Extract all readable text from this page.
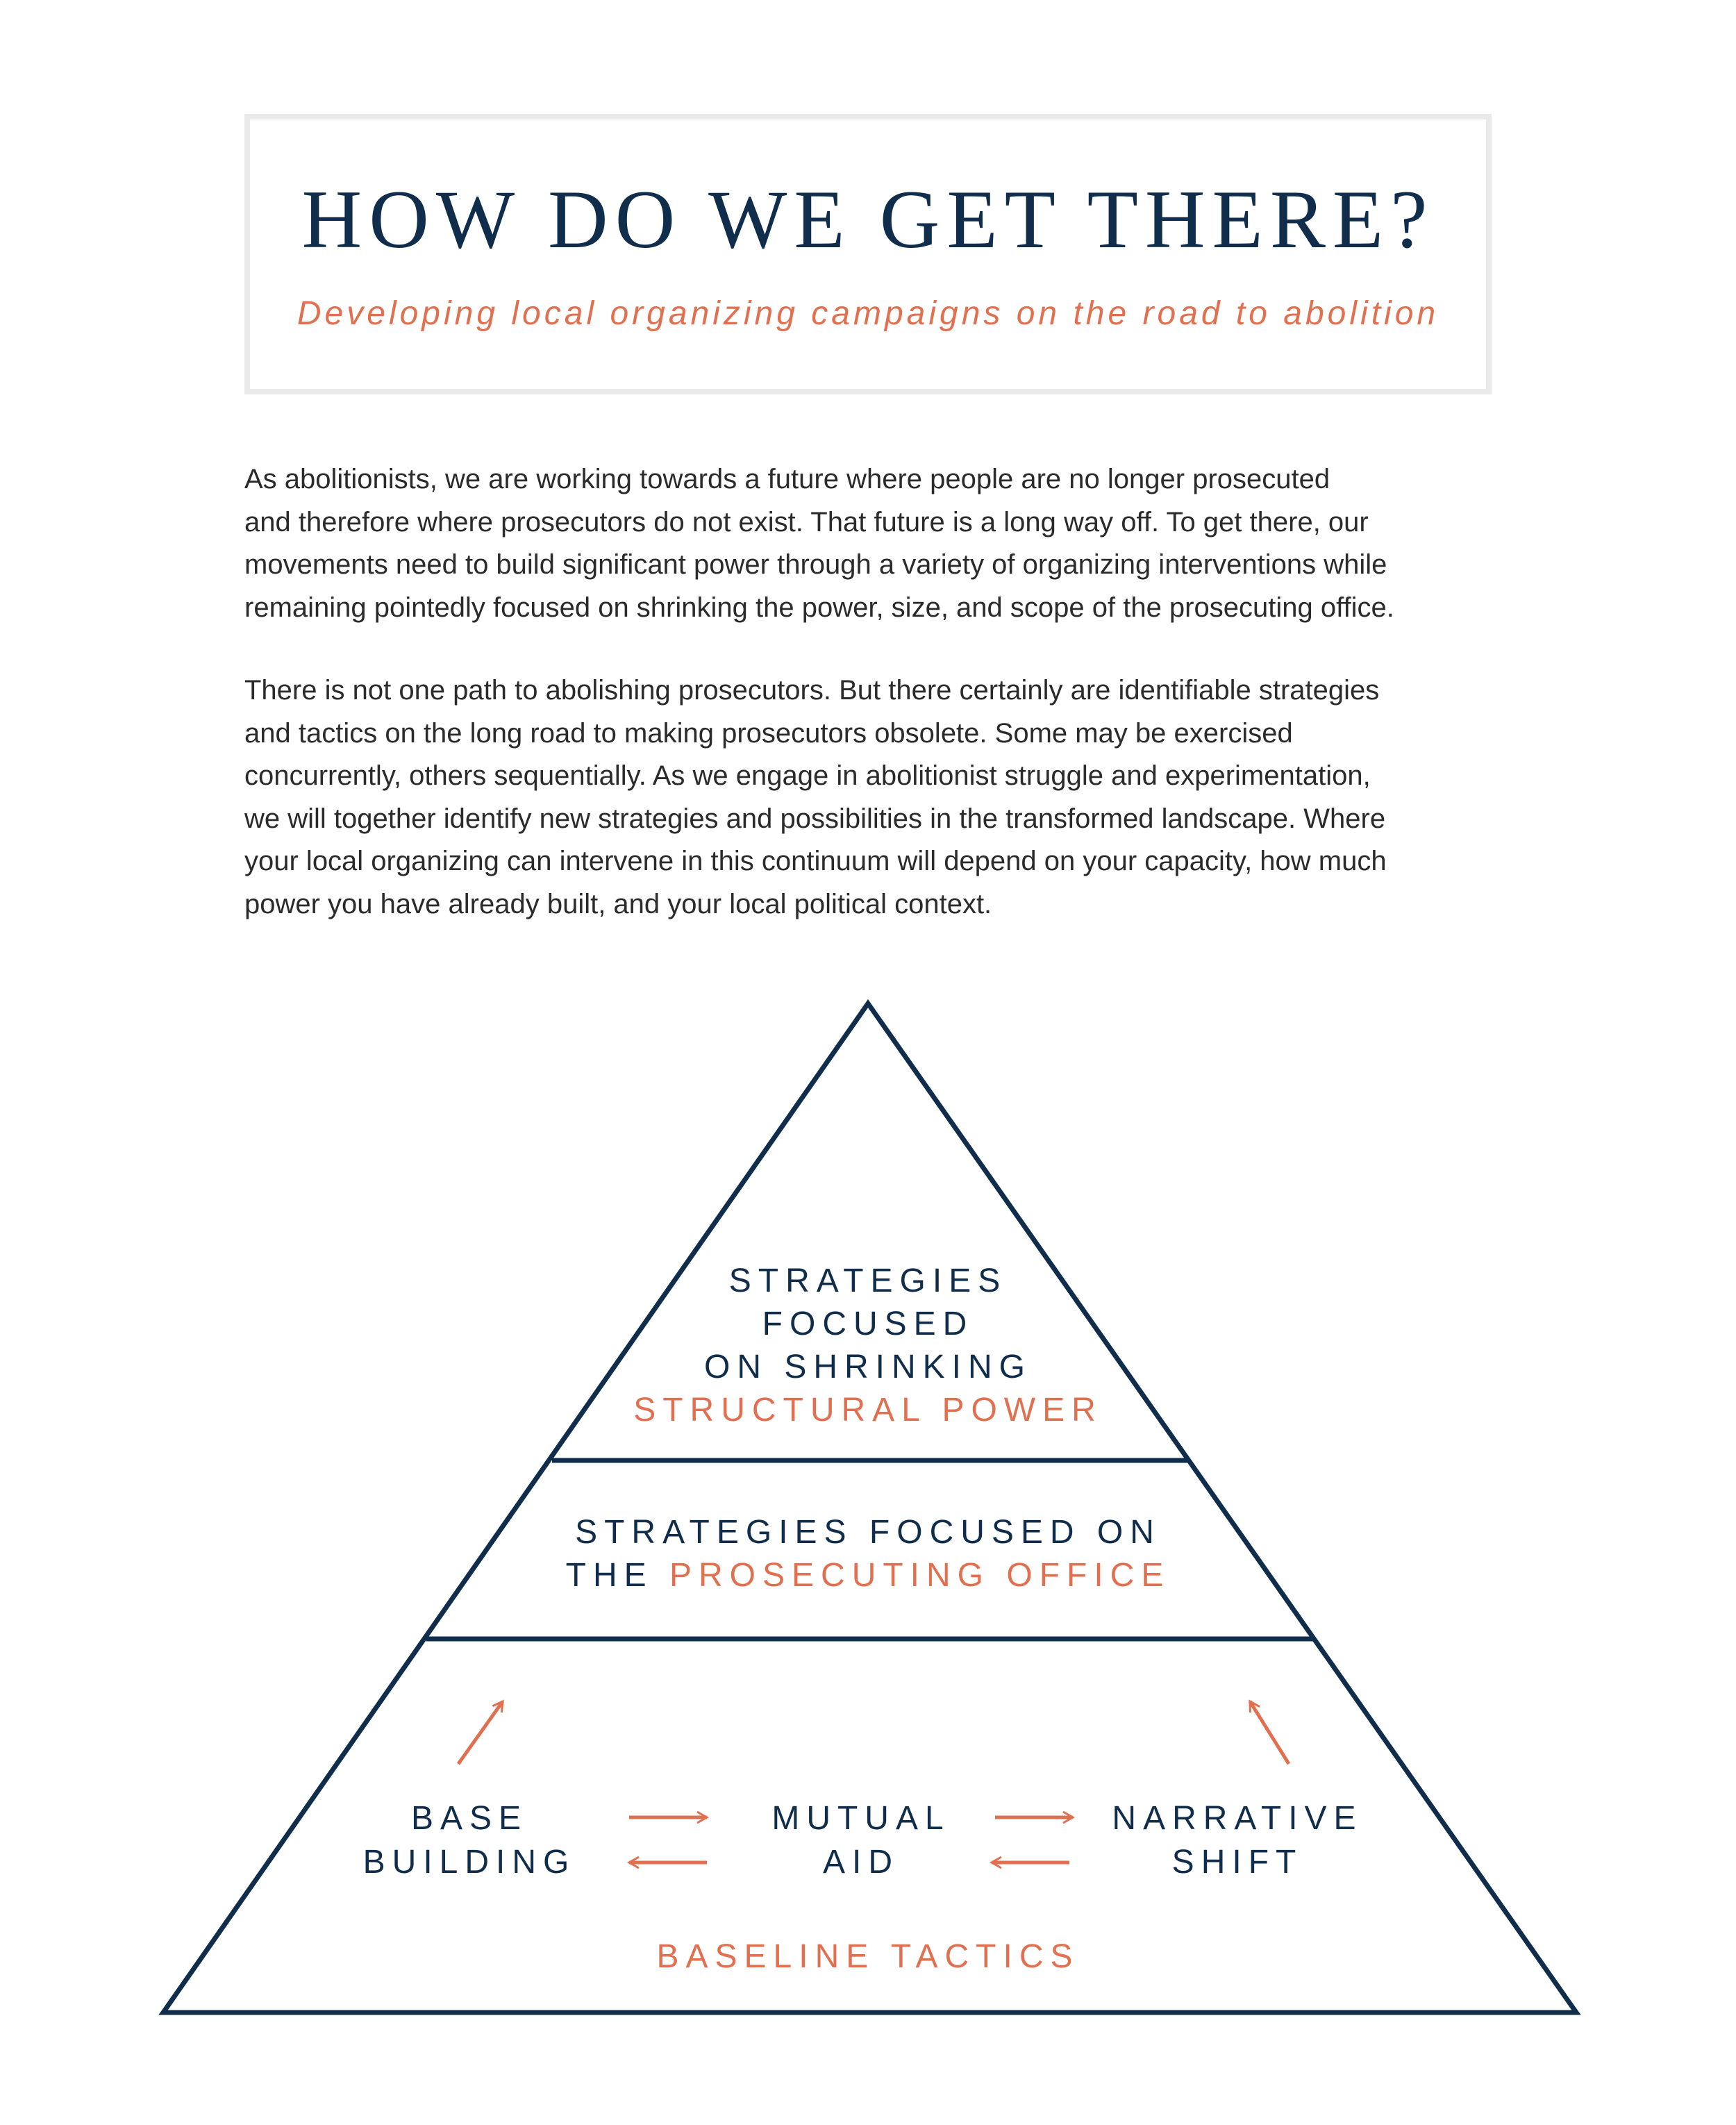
HOW DO WE GET THERE?
Developing local organizing campaigns on the road to abolition

As abolitionists, we are working towards a future where people are no longer prosecuted
and therefore where prosecutors do not exist. That future is a long way off. To get there, our
movements need to build significant power through a variety of organizing interventions while
remaining pointedly focused on shrinking the power, size, and scope of the prosecuting office.

There is not one path to abolishing prosecutors. But there certainly are identifiable strategies
and tactics on the long road to making prosecutors obsolete. Some may be exercised
concurrently, others sequentially. As we engage in abolitionist struggle and experimentation,
we will together identify new strategies and possibilities in the transformed landscape. Where
your local organizing can intervene in this continuum will depend on your capacity, how much
power you have already built, and your local political context.

STRATEGIES
FOCUSED
ON SHRINKING
STRUCTURAL POWER
STRATEGIES FOCUSED ON
THE PROSECUTING OFFICE
BASE
BUILDING
MUTUAL
AID
NARRATIVE
SHIFT
BASELINE TACTICS
